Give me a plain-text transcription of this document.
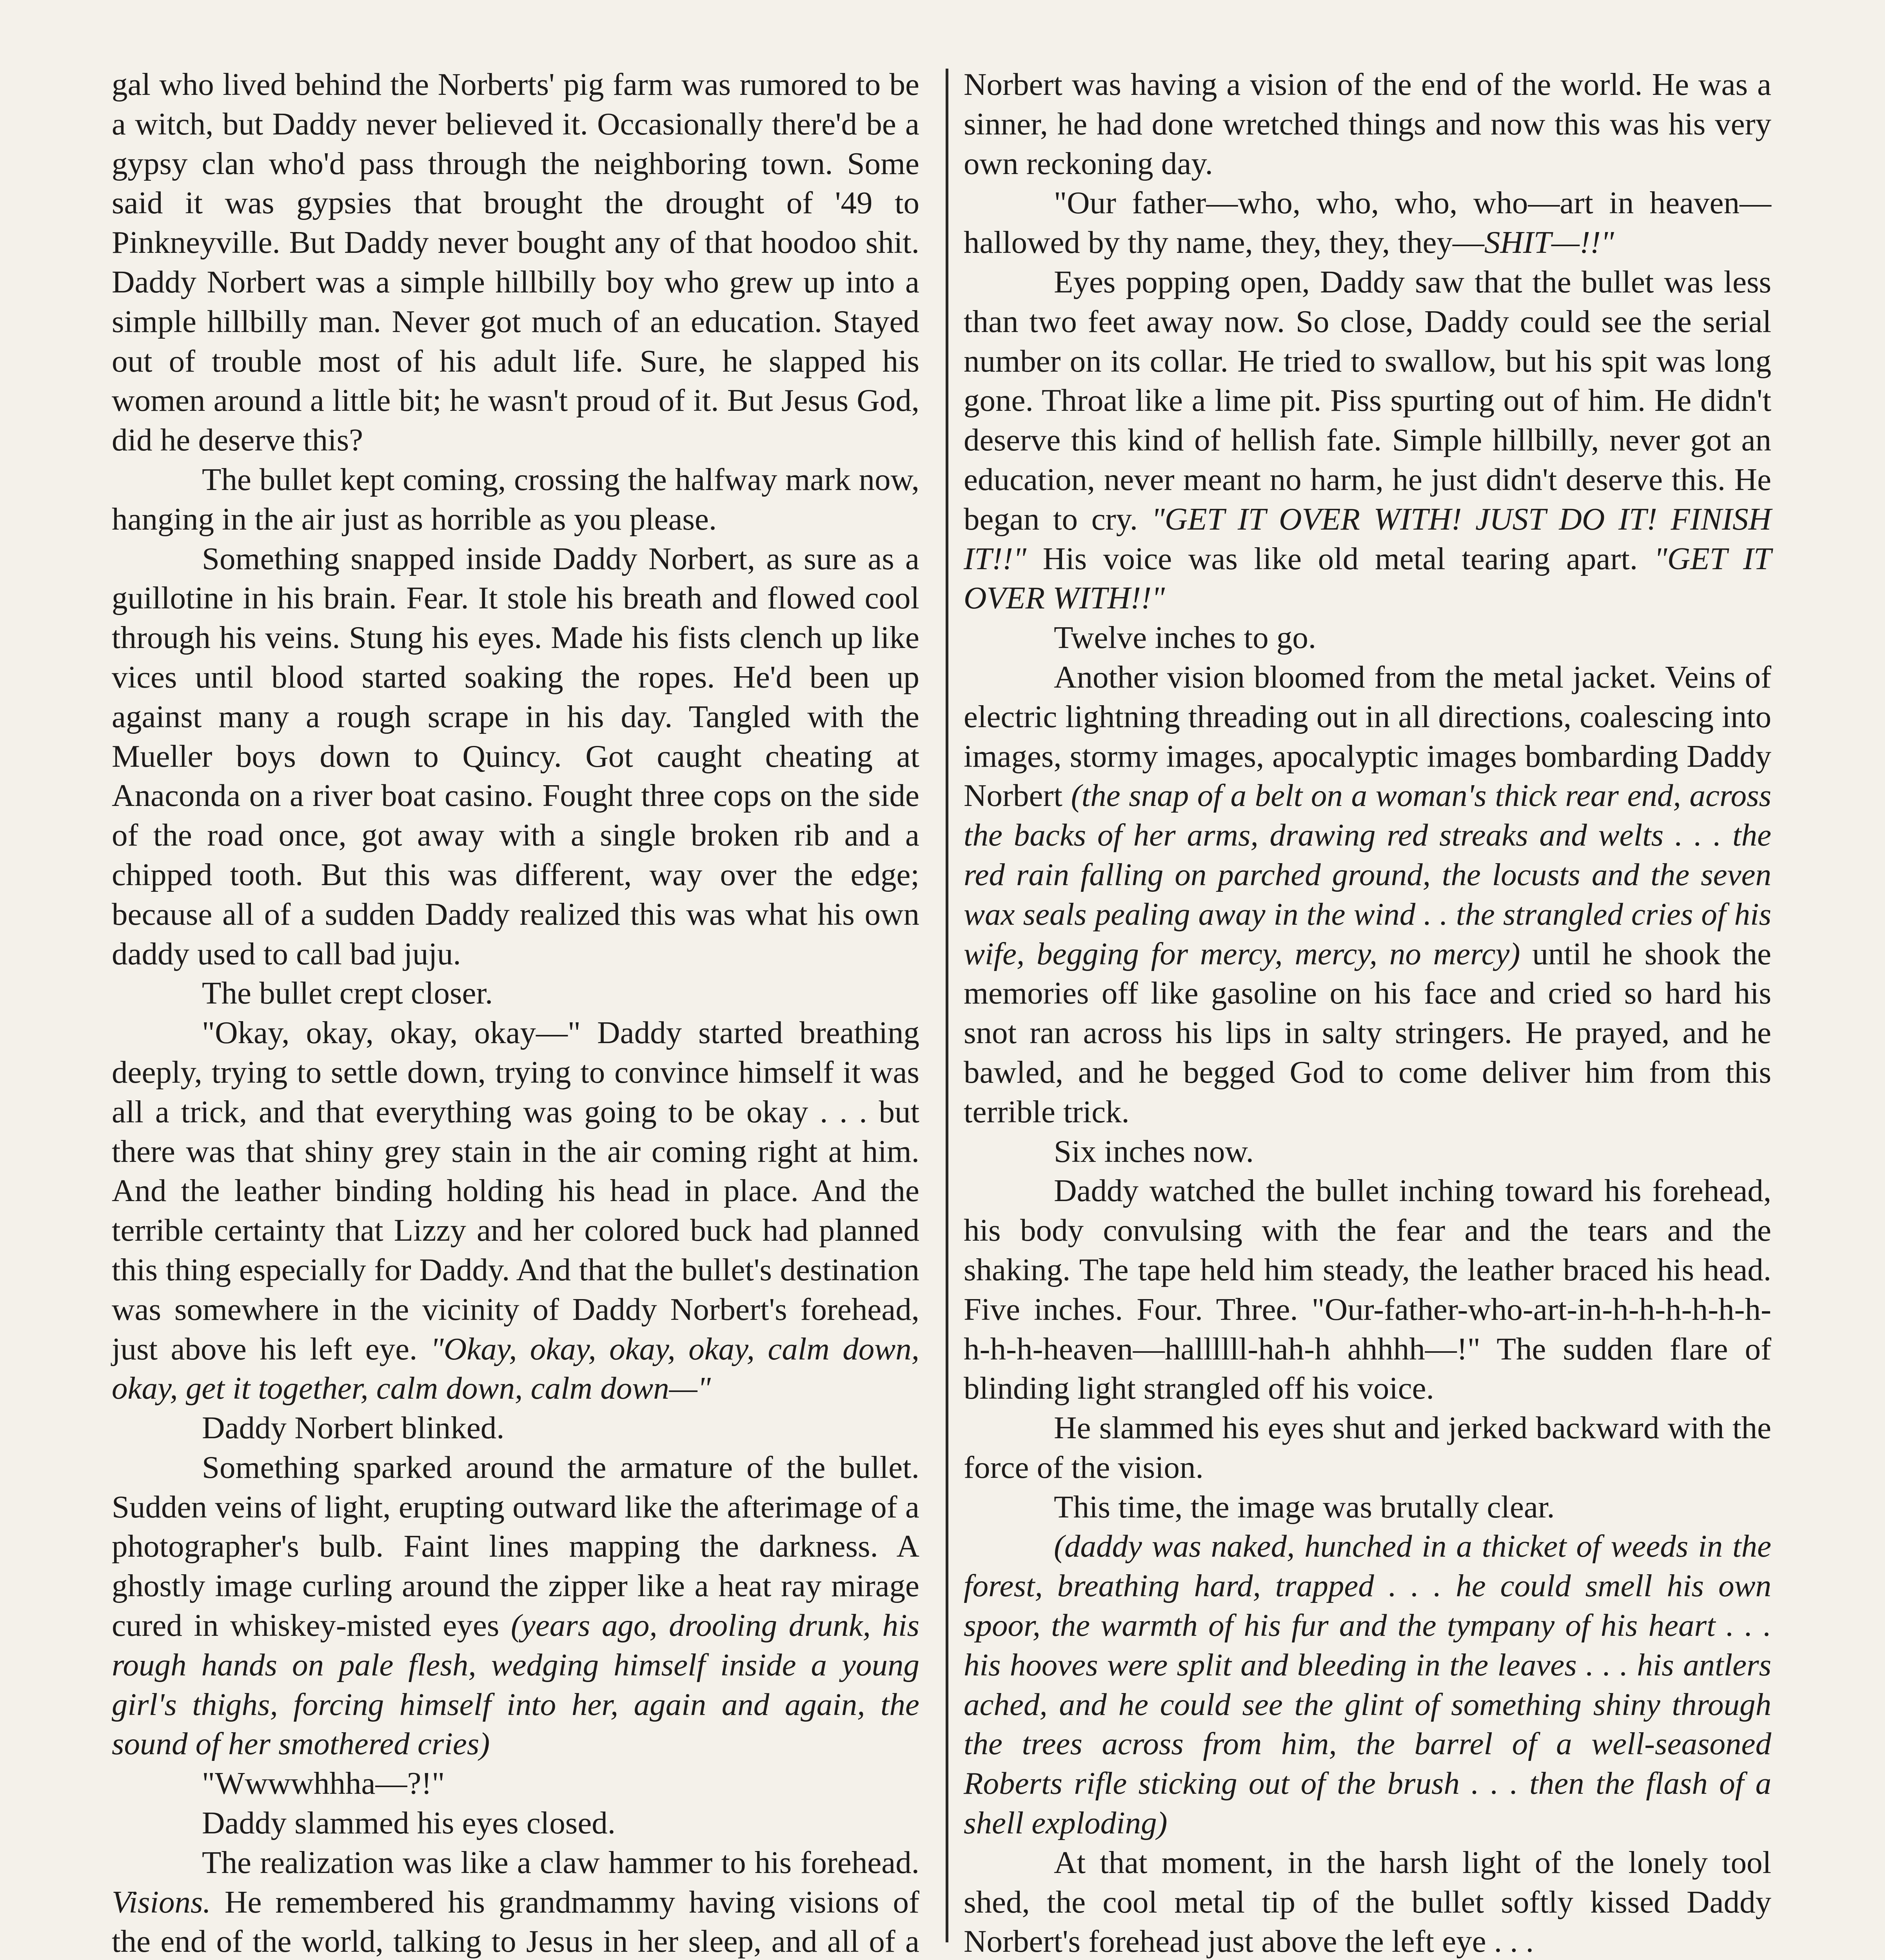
gal who lived behind the Norberts' pig farm was rumored to be a witch, but Daddy never believed it. Occasionally there'd be a gypsy clan who'd pass through the neighboring town. Some said it was gypsies that brought the drought of '49 to Pinkneyville. But Daddy never bought any of that hoodoo shit. Daddy Norbert was a simple hillbilly boy who grew up into a simple hillbilly man. Never got much of an education. Stayed out of trouble most of his adult life. Sure, he slapped his women around a little bit; he wasn't proud of it. But Jesus God, did he deserve this?

The bullet kept coming, crossing the halfway mark now, hanging in the air just as horrible as you please.

Something snapped inside Daddy Norbert, as sure as a guillotine in his brain. Fear. It stole his breath and flowed cool through his veins. Stung his eyes. Made his fists clench up like vices until blood started soaking the ropes. He'd been up against many a rough scrape in his day. Tangled with the Mueller boys down to Quincy. Got caught cheating at Anaconda on a river boat casino. Fought three cops on the side of the road once, got away with a single broken rib and a chipped tooth. But this was different, way over the edge; because all of a sudden Daddy realized this was what his own daddy used to call bad juju.

The bullet crept closer.

"Okay, okay, okay, okay—" Daddy started breathing deeply, trying to settle down, trying to convince himself it was all a trick, and that everything was going to be okay . . . but there was that shiny grey stain in the air coming right at him. And the leather binding holding his head in place. And the terrible certainty that Lizzy and her colored buck had planned this thing especially for Daddy. And that the bullet's destination was somewhere in the vicinity of Daddy Norbert's forehead, just above his left eye. "Okay, okay, okay, okay, calm down, okay, get it together, calm down, calm down—"

Daddy Norbert blinked.

Something sparked around the armature of the bullet. Sudden veins of light, erupting outward like the afterimage of a photographer's bulb. Faint lines mapping the darkness. A ghostly image curling around the zipper like a heat ray mirage cured in whiskey-misted eyes (years ago, drooling drunk, his rough hands on pale flesh, wedging himself inside a young girl's thighs, forcing himself into her, again and again, the sound of her smothered cries)

"Wwwwhhha—?!"

Daddy slammed his eyes closed.

The realization was like a claw hammer to his forehead. Visions. He remembered his grandmammy having visions of the end of the world, talking to Jesus in her sleep, and all of a

Norbert was having a vision of the end of the world. He was a sinner, he had done wretched things and now this was his very own reckoning day.

"Our father—who, who, who, who—art in heaven—hallowed by thy name, they, they, they—SHIT—!!"

Eyes popping open, Daddy saw that the bullet was less than two feet away now. So close, Daddy could see the serial number on its collar. He tried to swallow, but his spit was long gone. Throat like a lime pit. Piss spurting out of him. He didn't deserve this kind of hellish fate. Simple hillbilly, never got an education, never meant no harm, he just didn't deserve this. He began to cry. "GET IT OVER WITH! JUST DO IT! FINISH IT!!" His voice was like old metal tearing apart. "GET IT OVER WITH!!"

Twelve inches to go.

Another vision bloomed from the metal jacket. Veins of electric lightning threading out in all directions, coalescing into images, stormy images, apocalyptic images bombarding Daddy Norbert (the snap of a belt on a woman's thick rear end, across the backs of her arms, drawing red streaks and welts . . . the red rain falling on parched ground, the locusts and the seven wax seals pealing away in the wind . . the strangled cries of his wife, begging for mercy, mercy, no mercy) until he shook the memories off like gasoline on his face and cried so hard his snot ran across his lips in salty stringers. He prayed, and he bawled, and he begged God to come deliver him from this terrible trick.

Six inches now.

Daddy watched the bullet inching toward his forehead, his body convulsing with the fear and the tears and the shaking. The tape held him steady, the leather braced his head. Five inches. Four. Three. "Our-father-who-art-in-h-h-h-h-h-h-h-h-h-heaven—hallllll-hah-h ahhhh—!" The sudden flare of blinding light strangled off his voice.

He slammed his eyes shut and jerked backward with the force of the vision.

This time, the image was brutally clear.

(daddy was naked, hunched in a thicket of weeds in the forest, breathing hard, trapped . . . he could smell his own spoor, the warmth of his fur and the tympany of his heart . . . his hooves were split and bleeding in the leaves . . . his antlers ached, and he could see the glint of something shiny through the trees across from him, the barrel of a well-seasoned Roberts rifle sticking out of the brush . . . then the flash of a shell exploding)

At that moment, in the harsh light of the lonely tool shed, the cool metal tip of the bullet softly kissed Daddy Norbert's forehead just above the left eye . . .
